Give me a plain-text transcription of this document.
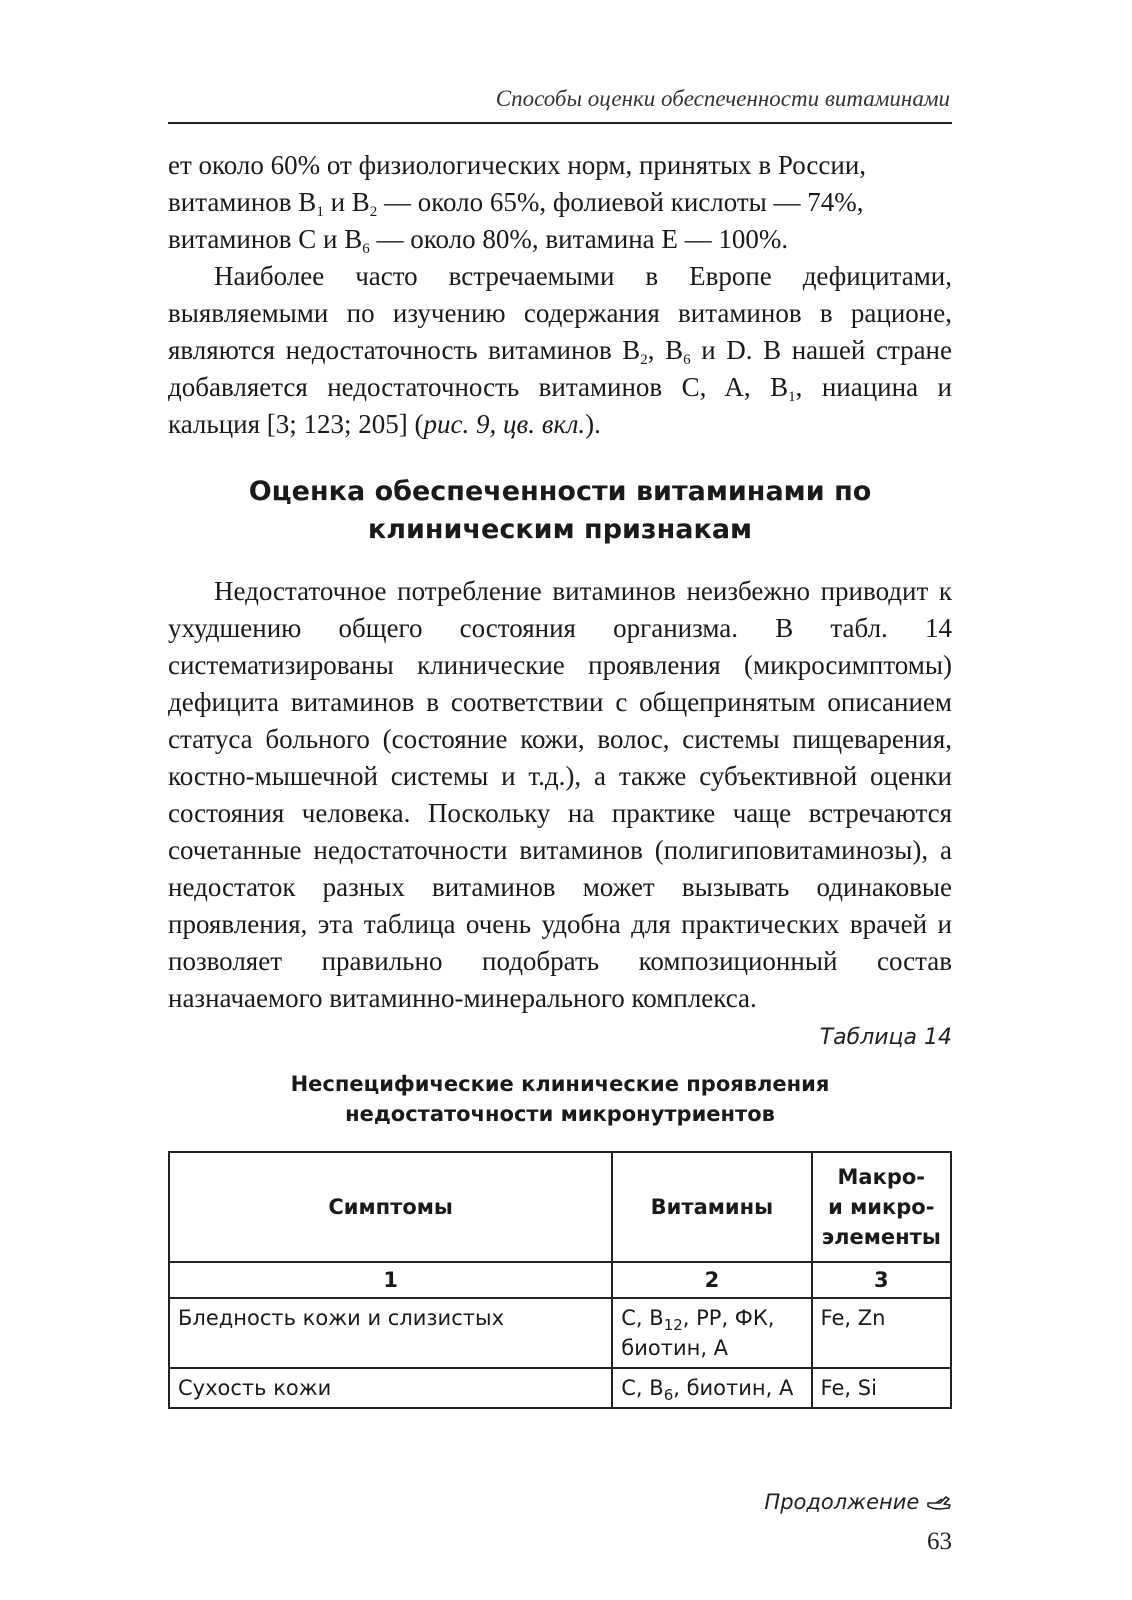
Способы оценки обеспеченности витаминами

ет около 60% от физиологических норм, принятых в России,

витаминов $B_1$ и $B_2$ — около 65%, фолиевой кислоты — 74%,

витаминов C и $B_6$ — около 80%, витамина E — 100%.

Наиболее часто встречаемыми в Европе дефицитами, выявляемыми по изучению содержания витаминов в рационе, являются недостаточность витаминов $B_2$, $B_6$ и D. В нашей стране добавляется недостаточность витаминов C, A, $B_1$, ниацина и кальция [3; 123; 205] (рис. 9, цв. вкл.).

Оценка обеспеченности витаминами по
клиническим признакам

Недостаточное потребление витаминов неизбежно приводит к ухудшению общего состояния организма. В табл. 14 систематизированы клинические проявления (микросимптомы) дефицита витаминов в соответствии с общепринятым описанием статуса больного (состояние кожи, волос, системы пищеварения, костно-мышечной системы и т.д.), а также субъективной оценки состояния человека. Поскольку на практике чаще встречаются сочетанные недостаточности витаминов (полигиповитаминозы), а недостаток разных витаминов может вызывать одинаковые проявления, эта таблица очень удобна для практических врачей и позволяет правильно подобрать композиционный состав назначаемого витаминно-минерального комплекса.

Таблица 14
Неспецифические клинические проявления
недостаточности микронутриентов
Симптомы	Витамины	Макро-
и микро-
элементы

1	2	3
Бледность кожи и слизистых	C, $B_{12}$, PP, ФК,
биотин, A	Fe, Zn
Сухость кожи	C, $B_6$, биотин, A	Fe, Si
Продолжение
63
